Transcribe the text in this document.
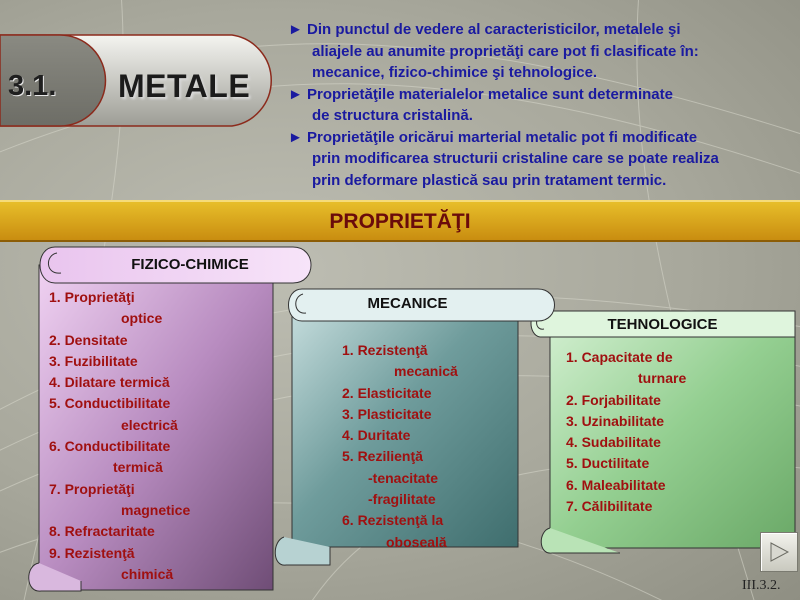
3.1. METALE
► Din punctul de vedere al caracteristicilor, metalele şi
aliajele au anumite proprietăţi care pot fi clasificate în:
mecanice, fizico-chimice şi tehnologice.
► Proprietăţile materialelor metalice sunt determinate
de structura cristalină.
► Proprietăţile oricărui marterial metalic pot fi modificate
prin modificarea structurii cristaline care se poate realiza
prin deformare plastică sau prin tratament termic.
PROPRIETĂŢI
TEHNOLOGICE
1. Capacitate de
turnare
2. Forjabilitate
3. Uzinabilitate
4. Sudabilitate
5. Ductilitate
6. Maleabilitate
7. Călibilitate
MECANICE
1. Rezistenţă
mecanică
2. Elasticitate
3. Plasticitate
4. Duritate
5. Rezilienţă
-tenacitate
-fragilitate
6. Rezistenţă la
oboseală
FIZICO-CHIMICE
1. Proprietăţi
optice
2. Densitate
3. Fuzibilitate
4. Dilatare termică
5. Conductibilitate
electrică
6. Conductibilitate
termică
7. Proprietăţi
magnetice
8. Refractaritate
9. Rezistenţă
chimică
III.3.2.
